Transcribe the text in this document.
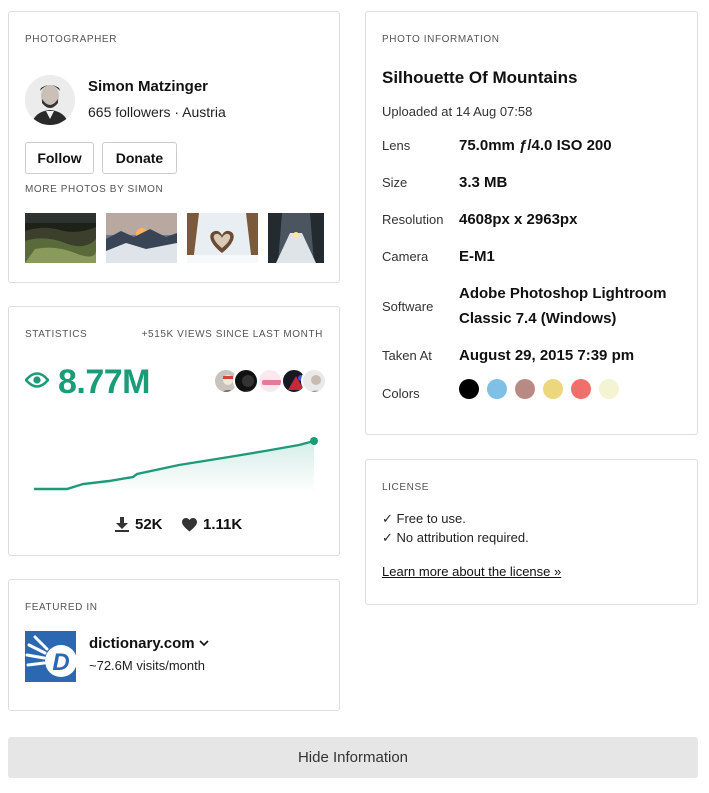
PHOTOGRAPHER
Simon Matzinger
665 followers · Austria
Follow	Donate
MORE PHOTOS BY SIMON
STATISTICS	+515K VIEWS SINCE LAST MONTH
8.77M
52K	1.11K
FEATURED IN
D
dictionary.com
~72.6M visits/month
PHOTO INFORMATION
Silhouette Of Mountains
Uploaded at 14 Aug 07:58
Lens	75.0mm ƒ/4.0 ISO 200
Size	3.3 MB
Resolution 4608px x 2963px
Camera E-M1
Software
Adobe Photoshop Lightroom Classic 7.4 (Windows)
Taken At August 29, 2015 7:39 pm
Colors
LICENSE
✓ Free to use.
✓ No attribution required.
Learn more about the license »
Hide Information
